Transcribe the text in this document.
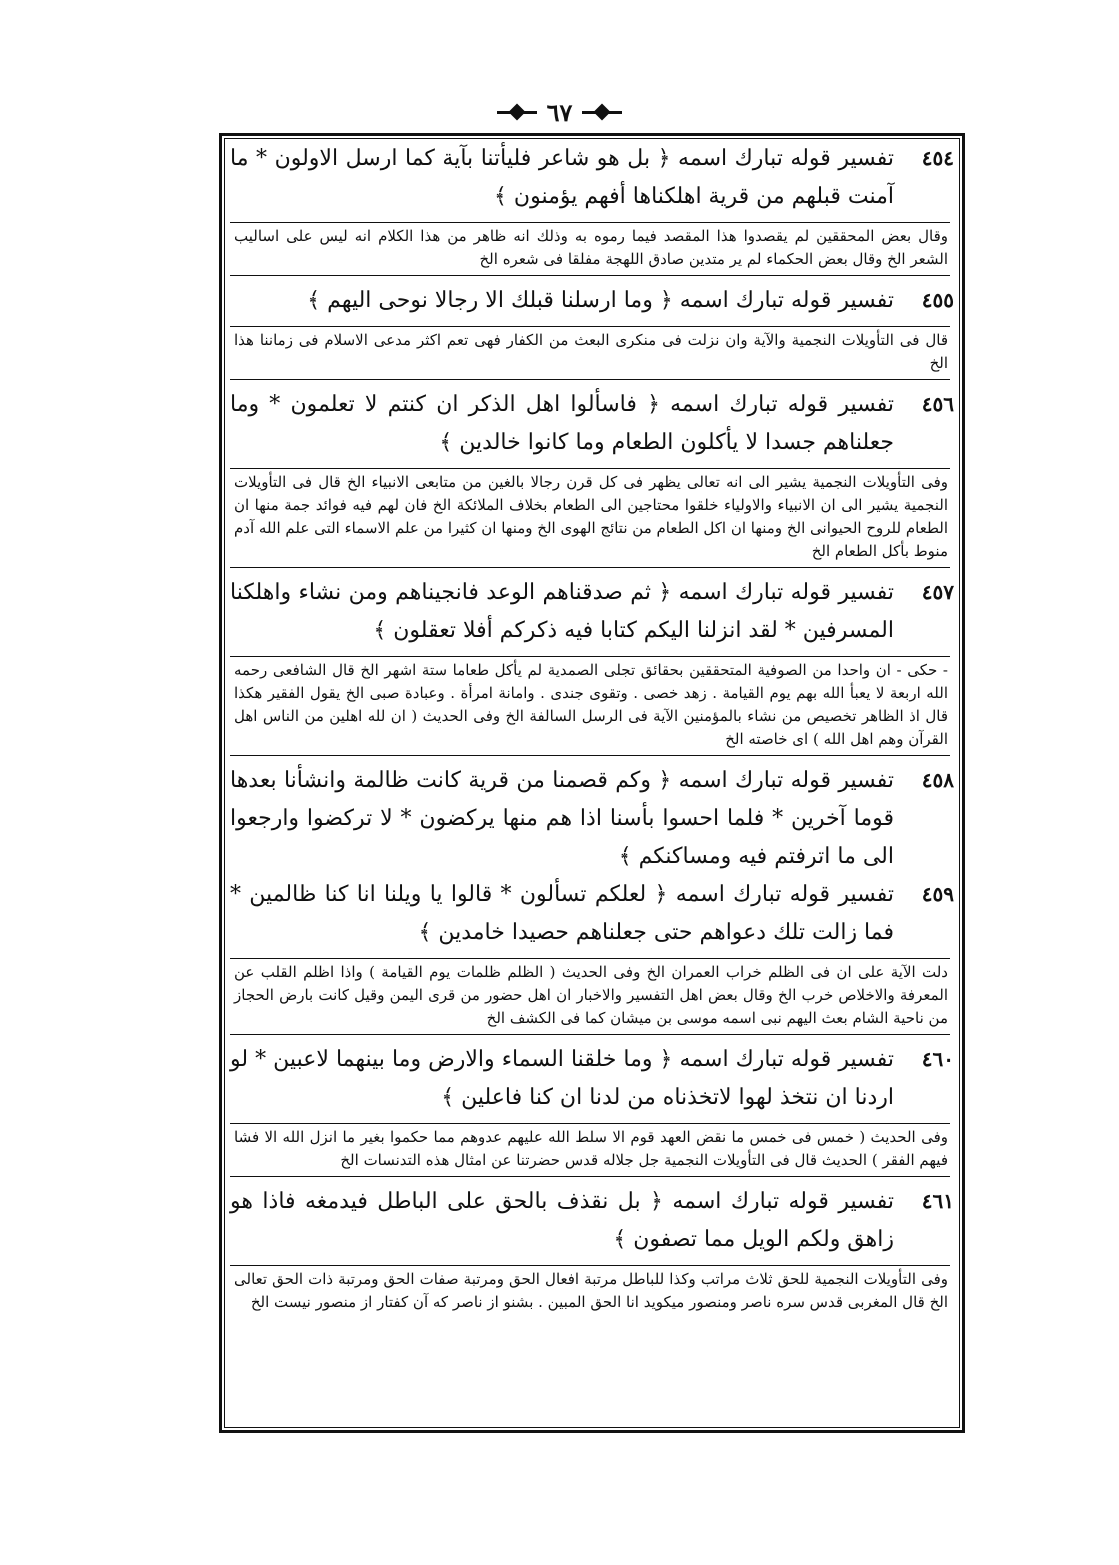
٦٧
٤٥٤

تفسير قوله تبارك اسمه ﴿ بل هو شاعر فليأتنا بآية كما ارسل الاولون * ما آمنت قبلهم من قرية اهلكناها أفهم يؤمنون ﴾

وقال بعض المحققين لم يقصدوا هذا المقصد فيما رموه به وذلك انه ظاهر من هذا الكلام انه ليس على اساليب الشعر الخ وقال بعض الحكماء لم ير متدين صادق اللهجة مفلقا فى شعره الخ
٤٥٥

تفسير قوله تبارك اسمه ﴿ وما ارسلنا قبلك الا رجالا نوحى اليهم ﴾

قال فى التأويلات النجمية والآية وان نزلت فى منكرى البعث من الكفار فهى تعم اكثر مدعى الاسلام فى زماننا هذا الخ
٤٥٦

تفسير قوله تبارك اسمه ﴿ فاسألوا اهل الذكر ان كنتم لا تعلمون * وما جعلناهم جسدا لا يأكلون الطعام وما كانوا خالدين ﴾

وفى التأويلات النجمية يشير الى انه تعالى يظهر فى كل قرن رجالا بالغين من متابعى الانبياء الخ قال فى التأويلات النجمية يشير الى ان الانبياء والاولياء خلقوا محتاجين الى الطعام بخلاف الملائكة الخ فان لهم فيه فوائد جمة منها ان الطعام للروح الحيوانى الخ ومنها ان اكل الطعام من نتائج الهوى الخ ومنها ان كثيرا من علم الاسماء التى علم الله آدم منوط بأكل الطعام الخ
٤٥٧

تفسير قوله تبارك اسمه ﴿ ثم صدقناهم الوعد فانجيناهم ومن نشاء واهلكنا المسرفين * لقد انزلنا اليكم كتابا فيه ذكركم أفلا تعقلون ﴾

- حكى - ان واحدا من الصوفية المتحققين بحقائق تجلى الصمدية لم يأكل طعاما ستة اشهر الخ قال الشافعى رحمه الله اربعة لا يعبأ الله بهم يوم القيامة . زهد خصى . وتقوى جندى . وامانة امرأة . وعبادة صبى الخ يقول الفقير هكذا قال اذ الظاهر تخصيص من نشاء بالمؤمنين الآية فى الرسل السالفة الخ وفى الحديث ( ان لله اهلين من الناس اهل القرآن وهم اهل الله ) اى خاصته الخ
٤٥٨

تفسير قوله تبارك اسمه ﴿ وكم قصمنا من قرية كانت ظالمة وانشأنا بعدها قوما آخرين * فلما احسوا بأسنا اذا هم منها يركضون * لا تركضوا وارجعوا الى ما اترفتم فيه ومساكنكم ﴾

٤٥٩

تفسير قوله تبارك اسمه ﴿ لعلكم تسألون * قالوا يا ويلنا انا كنا ظالمين * فما زالت تلك دعواهم حتى جعلناهم حصيدا خامدين ﴾

دلت الآية على ان فى الظلم خراب العمران الخ وفى الحديث ( الظلم ظلمات يوم القيامة ) واذا اظلم القلب عن المعرفة والاخلاص خرب الخ وقال بعض اهل التفسير والاخبار ان اهل حضور من قرى اليمن وقيل كانت بارض الحجاز من ناحية الشام بعث اليهم نبى اسمه موسى بن ميشان كما فى الكشف الخ
٤٦٠

تفسير قوله تبارك اسمه ﴿ وما خلقنا السماء والارض وما بينهما لاعبين * لو اردنا ان نتخذ لهوا لاتخذناه من لدنا ان كنا فاعلين ﴾

وفى الحديث ( خمس فى خمس ما نقض العهد قوم الا سلط الله عليهم عدوهم مما حكموا بغير ما انزل الله الا فشا فيهم الفقر ) الحديث قال فى التأويلات النجمية جل جلاله قدس حضرتنا عن امثال هذه التدنسات الخ
٤٦١

تفسير قوله تبارك اسمه ﴿ بل نقذف بالحق على الباطل فيدمغه فاذا هو زاهق ولكم الويل مما تصفون ﴾

وفى التأويلات النجمية للحق ثلاث مراتب وكذا للباطل مرتبة افعال الحق ومرتبة صفات الحق ومرتبة ذات الحق تعالى الخ قال المغربى قدس سره ناصر ومنصور ميكويد انا الحق المبين . بشنو از ناصر كه آن كفتار از منصور نيست الخ
